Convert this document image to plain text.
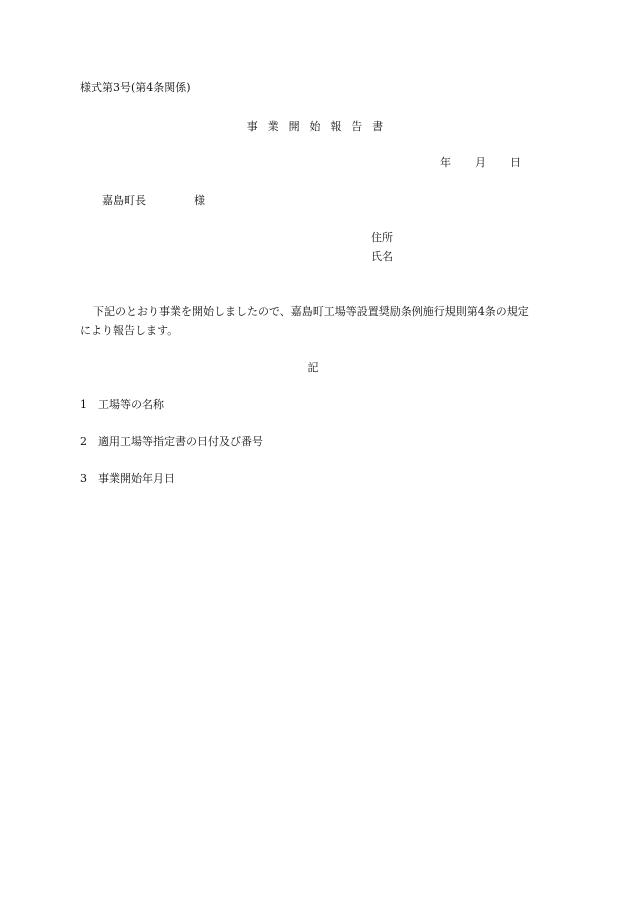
様式第3号(第4条関係)
事業開始報告書
年 月 日
嘉島町長	様
住所
氏名
下記のとおり事業を開始しましたので、嘉島町工場等設置奨励条例施行規則第4条の規定
により報告します。
記
1 工場等の名称
2 適用工場等指定書の日付及び番号
3 事業開始年月日
